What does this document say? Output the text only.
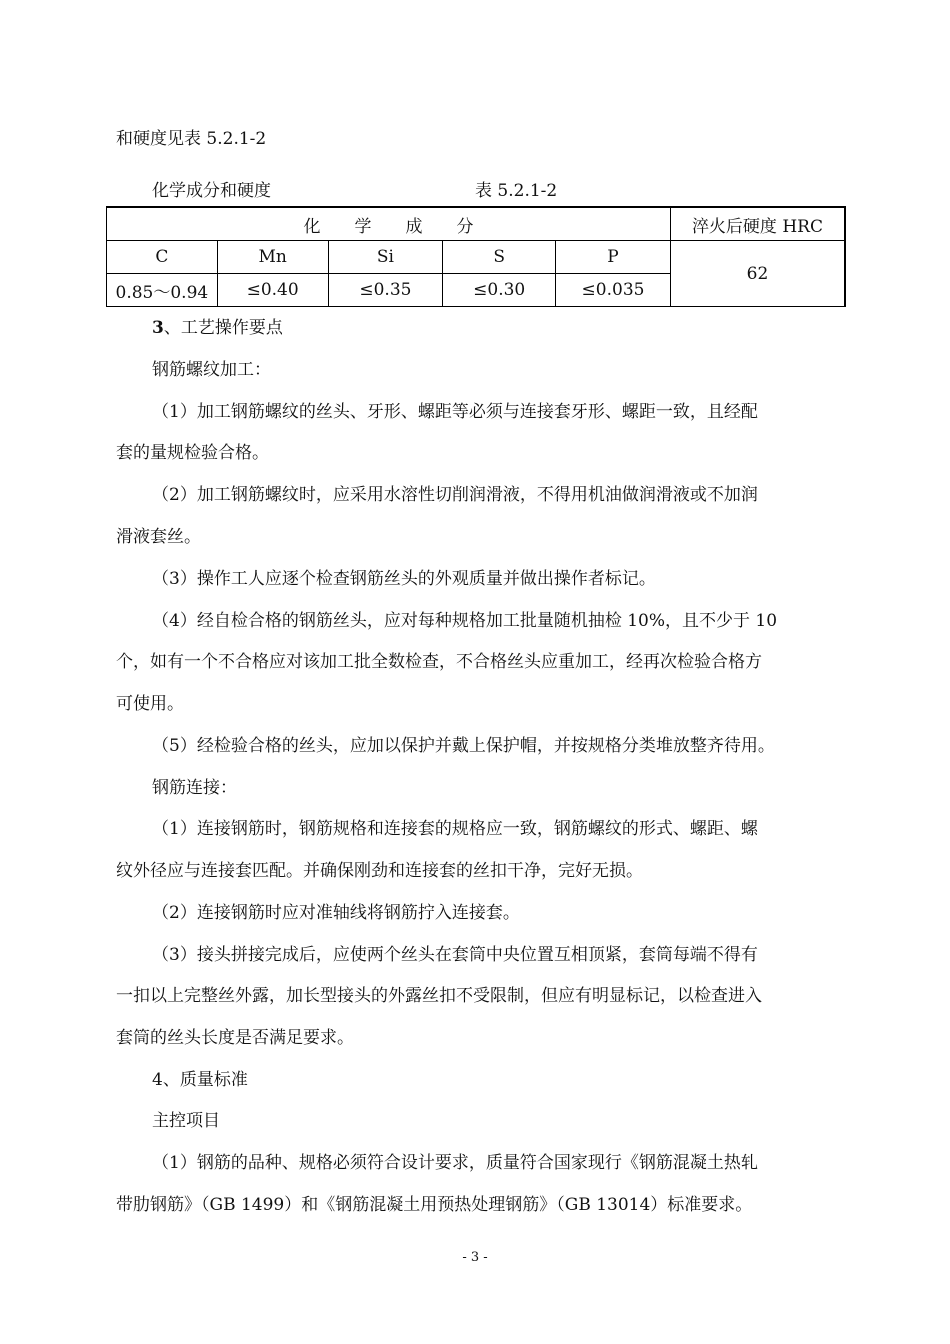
和硬度见表 5.2.1-2
化学成分和硬度	表 5.2.1-2
化　　学　　成　　分					淬火后硬度 HRC
C	Mn	Si	S	P	62
0.85～0.94	≤0.40	≤0.35	≤0.30	≤0.035	
3、工艺操作要点
钢筋螺纹加工：
（1）加工钢筋螺纹的丝头、牙形、螺距等必须与连接套牙形、螺距一致，且经配
套的量规检验合格。
（2）加工钢筋螺纹时，应采用水溶性切削润滑液，不得用机油做润滑液或不加润
滑液套丝。
（3）操作工人应逐个检查钢筋丝头的外观质量并做出操作者标记。
（4）经自检合格的钢筋丝头，应对每种规格加工批量随机抽检 10%，且不少于 10
个，如有一个不合格应对该加工批全数检查，不合格丝头应重加工，经再次检验合格方
可使用。
（5）经检验合格的丝头，应加以保护并戴上保护帽，并按规格分类堆放整齐待用。
钢筋连接：
（1）连接钢筋时，钢筋规格和连接套的规格应一致，钢筋螺纹的形式、螺距、螺
纹外径应与连接套匹配。并确保刚劲和连接套的丝扣干净，完好无损。
（2）连接钢筋时应对准轴线将钢筋拧入连接套。
（3）接头拼接完成后，应使两个丝头在套筒中央位置互相顶紧，套筒每端不得有
一扣以上完整丝外露，加长型接头的外露丝扣不受限制，但应有明显标记，以检查进入
套筒的丝头长度是否满足要求。
4、质量标准
主控项目
（1）钢筋的品种、规格必须符合设计要求，质量符合国家现行《钢筋混凝土热轧
带肋钢筋》（GB 1499）和《钢筋混凝土用预热处理钢筋》（GB 13014）标准要求。
- 3 -
